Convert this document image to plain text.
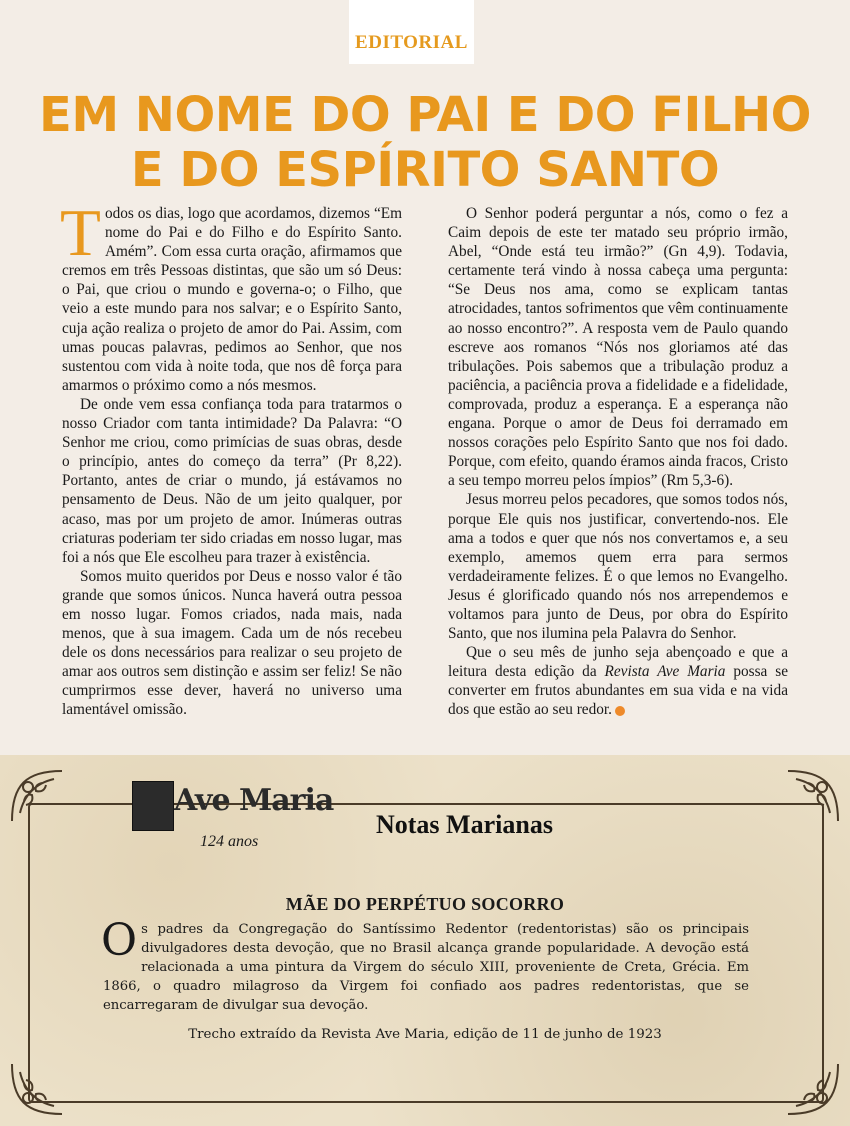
EDITORIAL
EM NOME DO PAI E DO FILHO E DO ESPÍRITO SANTO

Todos os dias, logo que acordamos, dizemos “Em nome do Pai e do Filho e do Espírito Santo. Amém”. Com essa curta oração, afirmamos que cremos em três Pessoas distintas, que são um só Deus: o Pai, que criou o mundo e governa-o; o Filho, que veio a este mundo para nos salvar; e o Espírito Santo, cuja ação realiza o projeto de amor do Pai. Assim, com umas poucas palavras, pedimos ao Senhor, que nos sustentou com vida à noite toda, que nos dê força para amarmos o próximo como a nós mesmos.

De onde vem essa confiança toda para tratarmos o nosso Criador com tanta intimidade? Da Palavra: “O Senhor me criou, como primícias de suas obras, desde o princípio, antes do começo da terra” (Pr 8,22). Portanto, antes de criar o mundo, já estávamos no pensamento de Deus. Não de um jeito qualquer, por acaso, mas por um projeto de amor. Inúmeras outras criaturas poderiam ter sido criadas em nosso lugar, mas foi a nós que Ele escolheu para trazer à existência.

Somos muito queridos por Deus e nosso valor é tão grande que somos únicos. Nunca haverá outra pessoa em nosso lugar. Fomos criados, nada mais, nada menos, que à sua imagem. Cada um de nós recebeu dele os dons necessários para realizar o seu projeto de amar aos outros sem distinção e assim ser feliz! Se não cumprirmos esse dever, haverá no universo uma lamentável omissão.

O Senhor poderá perguntar a nós, como o fez a Caim depois de este ter matado seu próprio irmão, Abel, “Onde está teu irmão?” (Gn 4,9). Todavia, certamente terá vindo à nossa cabeça uma pergunta: “Se Deus nos ama, como se explicam tantas atrocidades, tantos sofrimentos que vêm continuamente ao nosso encontro?”. A resposta vem de Paulo quando escreve aos romanos “Nós nos gloriamos até das tribulações. Pois sabemos que a tribulação produz a paciência, a paciência prova a fidelidade e a fidelidade, comprovada, produz a esperança. E a esperança não engana. Porque o amor de Deus foi derramado em nossos corações pelo Espírito Santo que nos foi dado. Porque, com efeito, quando éramos ainda fracos, Cristo a seu tempo morreu pelos ímpios” (Rm 5,3-6).

Jesus morreu pelos pecadores, que somos todos nós, porque Ele quis nos justificar, convertendo-nos. Ele ama a todos e quer que nós nos convertamos e, a seu exemplo, amemos quem erra para sermos verdadeiramente felizes. É o que lemos no Evangelho. Jesus é glorificado quando nós nos arrependemos e voltamos para junto de Deus, por obra do Espírito Santo, que nos ilumina pela Palavra do Senhor.

Que o seu mês de junho seja abençoado e que a leitura desta edição da Revista Ave Maria possa se converter em frutos abundantes em sua vida e na vida dos que estão ao seu redor.

Ave Maria
124 anos
Notas Marianas
MÃE DO PERPÉTUO SOCORRO
Os padres da Congregação do Santíssimo Redentor (redentoristas) são os principais divulgadores desta devoção, que no Brasil alcança grande popularidade. A devoção está relacionada a uma pintura da Virgem do século XIII, proveniente de Creta, Grécia. Em 1866, o quadro milagroso da Virgem foi confiado aos padres redentoristas, que se encarregaram de divulgar sua devoção.
Trecho extraído da Revista Ave Maria, edição de 11 de junho de 1923
